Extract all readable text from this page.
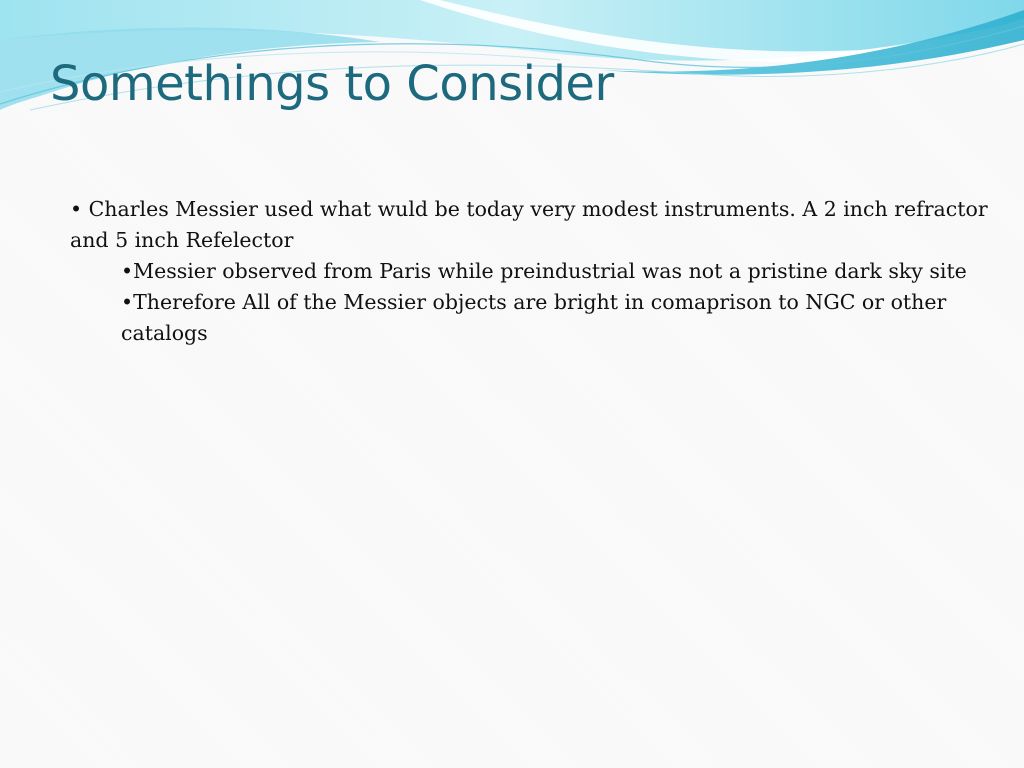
Somethings to Consider

• Charles Messier used what wuld be today very modest instruments. A 2 inch refractor and 5 inch Refelector

•Messier observed from Paris while preindustrial was not a pristine dark sky site

•Therefore All of the Messier objects are bright in comaprison to NGC or other catalogs
